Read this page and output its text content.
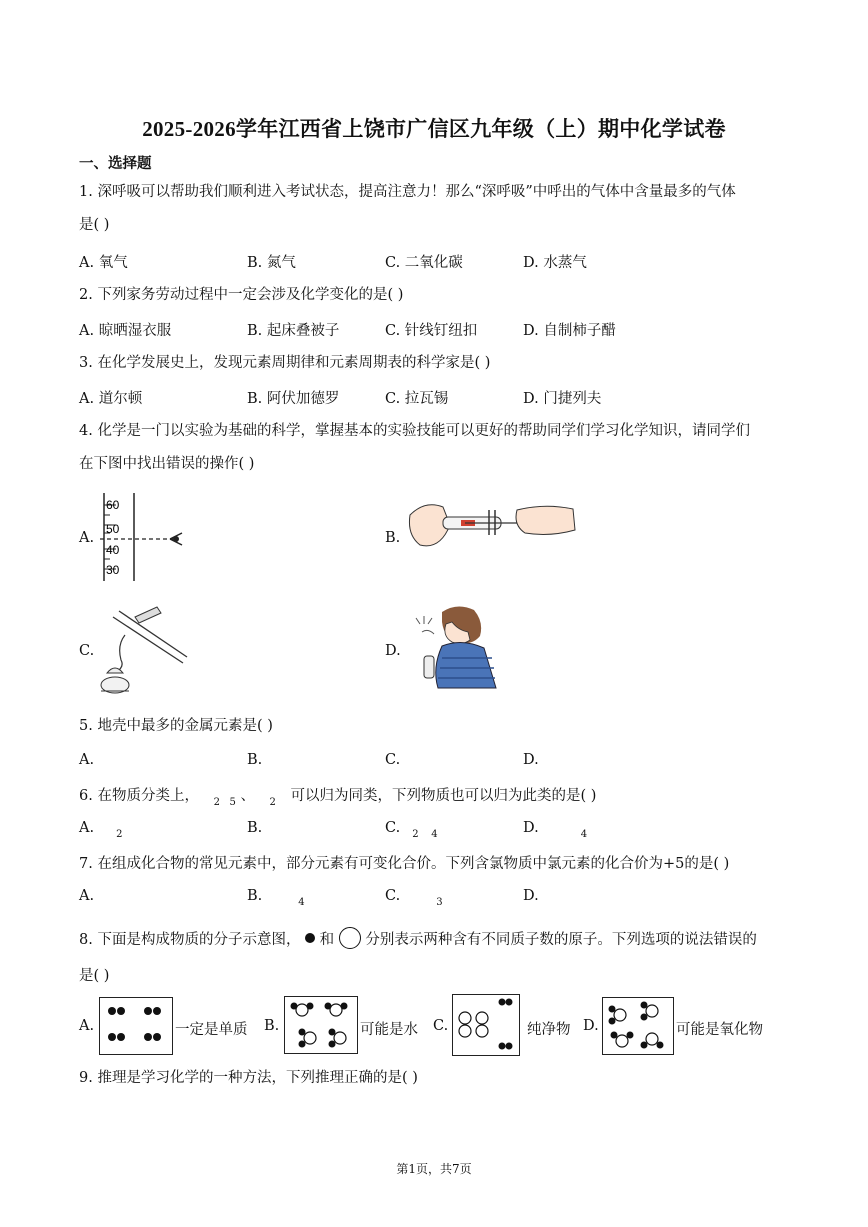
2025-2026学年江西省上饶市广信区九年级（上）期中化学试卷
一、选择题
1. 深呼吸可以帮助我们顺利进入考试状态，提高注意力！那么“深呼吸”中呼出的气体中含量最多的气体
是( )
A. 氧气	B. 氮气	C. 二氧化碳	D. 水蒸气
2. 下列家务劳动过程中一定会涉及化学变化的是( )
A. 晾晒湿衣服	B. 起床叠被子	C. 针线钉纽扣	D. 自制柿子醋
3. 在化学发展史上，发现元素周期律和元素周期表的科学家是( )
A. 道尔顿	B. 阿伏加德罗	C. 拉瓦锡	D. 门捷列夫
4. 化学是一门以实验为基础的科学，掌握基本的实验技能可以更好的帮助同学们学习化学知识，请同学们
在下图中找出错误的操作( )
A.
60
50
40
30
B.
C.	D.
5. 地壳中最多的金属元素是( )
A.	B.	C.	D.
6. 在物质分类上， $_{2 5}$ 、 $_2$ 可以归为同类，下列物质也可以归为此类的是( )
A. $_2$	B.	C. $_{2 4}$	D.	$_4$
7. 在组成化合物的常见元素中，部分元素有可变化合价。下列含氯物质中氯元素的化合价为+5的是( )
A.	B.	$_4$	C.	$_3$	D.
8. 下面是构成物质的分子示意图， 和 分别表示两种含有不同质子数的原子。下列选项的说法错误的
是( )
A.	一定是单质 B.	可能是水 C.	纯净物 D.	可能是氧化物
9. 推理是学习化学的一种方法，下列推理正确的是( )
第1页，共7页
